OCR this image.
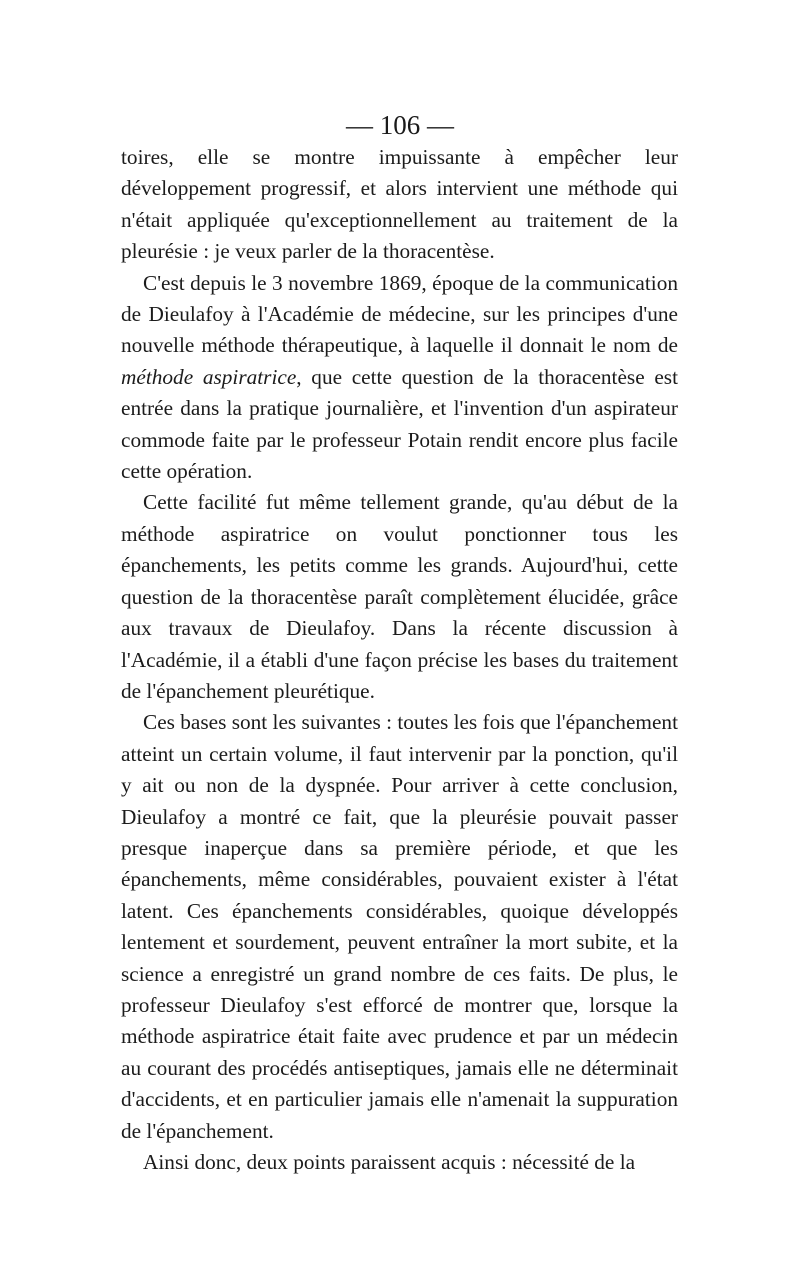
— 106 —

toires, elle se montre impuissante à empêcher leur développement progressif, et alors intervient une méthode qui n'était appliquée qu'exceptionnellement au traitement de la pleurésie : je veux parler de la thoracentèse.

C'est depuis le 3 novembre 1869, époque de la communication de Dieulafoy à l'Académie de médecine, sur les principes d'une nouvelle méthode thérapeutique, à laquelle il donnait le nom de méthode aspiratrice, que cette question de la thoracentèse est entrée dans la pratique journalière, et l'invention d'un aspirateur commode faite par le professeur Potain rendit encore plus facile cette opération.

Cette facilité fut même tellement grande, qu'au début de la méthode aspiratrice on voulut ponctionner tous les épanchements, les petits comme les grands. Aujourd'hui, cette question de la thoracentèse paraît complètement élucidée, grâce aux travaux de Dieulafoy. Dans la récente discussion à l'Académie, il a établi d'une façon précise les bases du traitement de l'épanchement pleurétique.

Ces bases sont les suivantes : toutes les fois que l'épanchement atteint un certain volume, il faut intervenir par la ponction, qu'il y ait ou non de la dyspnée. Pour arriver à cette conclusion, Dieulafoy a montré ce fait, que la pleurésie pouvait passer presque inaperçue dans sa première période, et que les épanchements, même considérables, pouvaient exister à l'état latent. Ces épanchements considérables, quoique développés lentement et sourdement, peuvent entraîner la mort subite, et la science a enregistré un grand nombre de ces faits. De plus, le professeur Dieulafoy s'est efforcé de montrer que, lorsque la méthode aspiratrice était faite avec prudence et par un médecin au courant des procédés antiseptiques, jamais elle ne déterminait d'accidents, et en particulier jamais elle n'amenait la suppuration de l'épanchement.

Ainsi donc, deux points paraissent acquis : nécessité de la
